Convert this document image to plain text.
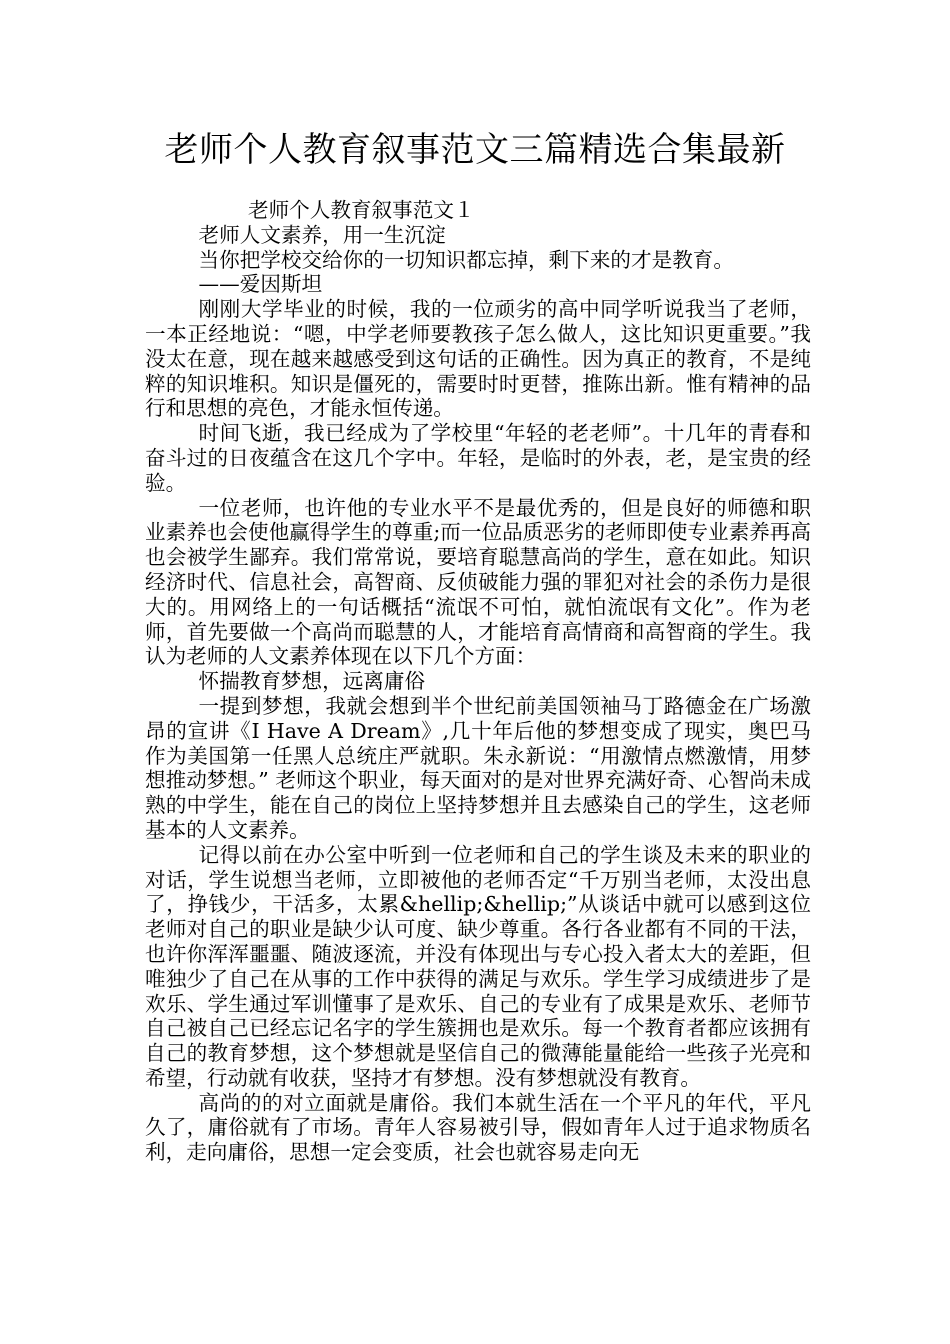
老师个人教育叙事范文三篇精选合集最新

老师个人教育叙事范文１

老师人文素养，用一生沉淀

当你把学校交给你的一切知识都忘掉，剩下来的才是教育。

——爱因斯坦

刚刚大学毕业的时候，我的一位顽劣的高中同学听说我当了老师，一本正经地说：“嗯，中学老师要教孩子怎么做人，这比知识更重要。”我没太在意，现在越来越感受到这句话的正确性。因为真正的教育，不是纯粹的知识堆积。知识是僵死的，需要时时更替，推陈出新。惟有精神的品行和思想的亮色，才能永恒传递。

时间飞逝，我已经成为了学校里“年轻的老老师”。十几年的青春和奋斗过的日夜蕴含在这几个字中。年轻，是临时的外表，老，是宝贵的经验。

一位老师，也许他的专业水平不是最优秀的，但是良好的师德和职业素养也会使他赢得学生的尊重;而一位品质恶劣的老师即使专业素养再高也会被学生鄙弃。我们常常说，要培育聪慧高尚的学生，意在如此。知识经济时代、信息社会，高智商、反侦破能力强的罪犯对社会的杀伤力是很大的。用网络上的一句话概括“流氓不可怕，就怕流氓有文化”。作为老师，首先要做一个高尚而聪慧的人，才能培育高情商和高智商的学生。我认为老师的人文素养体现在以下几个方面：

怀揣教育梦想，远离庸俗

一提到梦想，我就会想到半个世纪前美国领袖马丁路德金在广场激昂的宣讲《I Have A Dream》,几十年后他的梦想变成了现实，奥巴马作为美国第一任黑人总统庄严就职。朱永新说：“用激情点燃激情，用梦想推动梦想。” 老师这个职业，每天面对的是对世界充满好奇、心智尚未成熟的中学生，能在自己的岗位上坚持梦想并且去感染自己的学生，这老师基本的人文素养。

记得以前在办公室中听到一位老师和自己的学生谈及未来的职业的对话，学生说想当老师，立即被他的老师否定“千万别当老师，太没出息了，挣钱少，干活多，太累&hellip;&hellip;”从谈话中就可以感到这位老师对自己的职业是缺少认可度、缺少尊重。各行各业都有不同的干法，也许你浑浑噩噩、随波逐流，并没有体现出与专心投入者太大的差距，但唯独少了自己在从事的工作中获得的满足与欢乐。学生学习成绩进步了是欢乐、学生通过军训懂事了是欢乐、自己的专业有了成果是欢乐、老师节自己被自己已经忘记名字的学生簇拥也是欢乐。每一个教育者都应该拥有自己的教育梦想，这个梦想就是坚信自己的微薄能量能给一些孩子光亮和希望，行动就有收获，坚持才有梦想。没有梦想就没有教育。

高尚的的对立面就是庸俗。我们本就生活在一个平凡的年代，平凡久了，庸俗就有了市场。青年人容易被引导，假如青年人过于追求物质名利，走向庸俗，思想一定会变质，社会也就容易走向无
